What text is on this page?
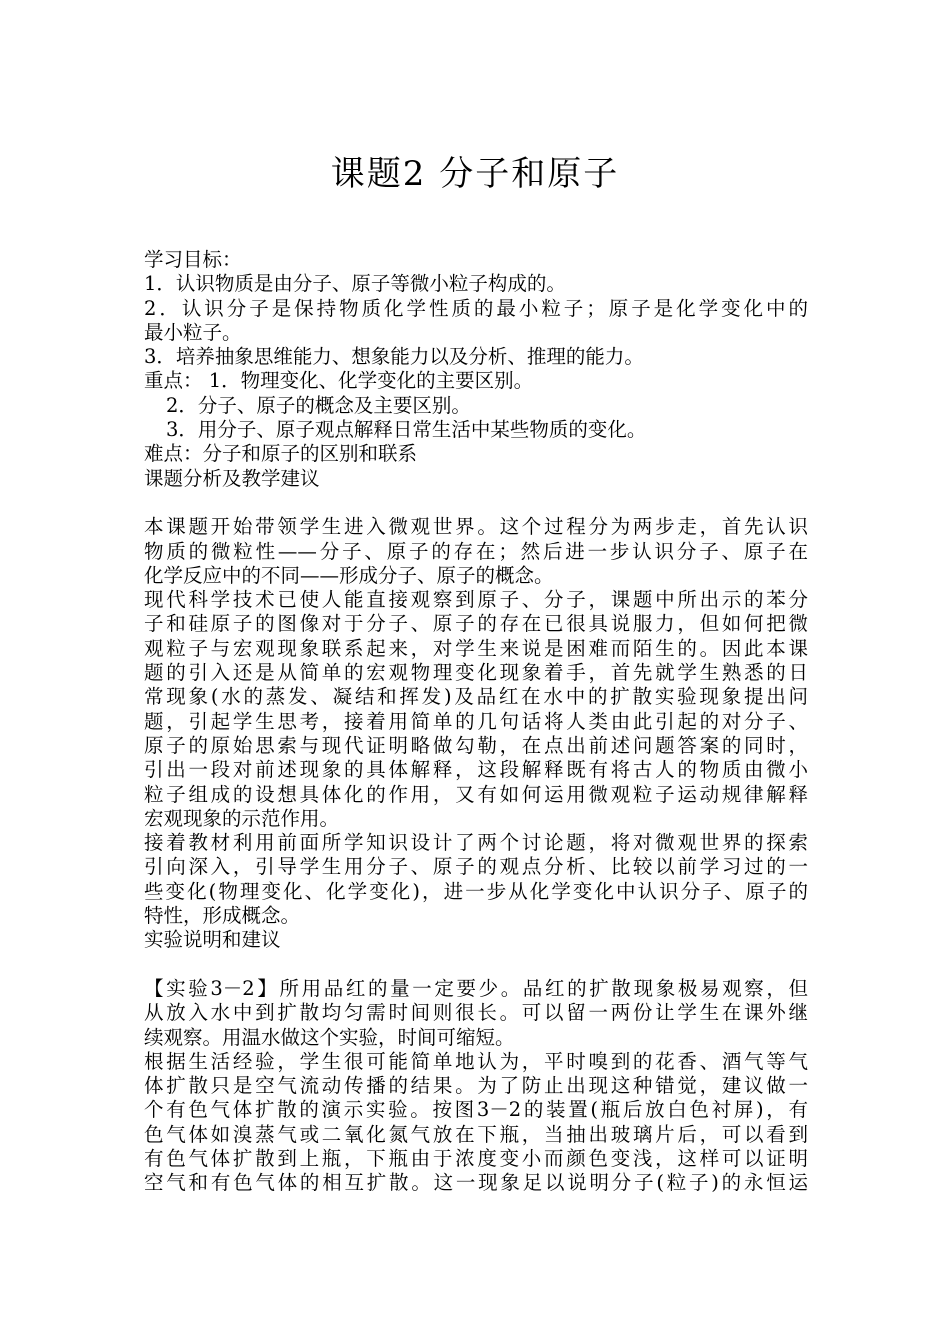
课题2 分子和原子
学习目标：
1．认识物质是由分子、原子等微小粒子构成的。
2．认识分子是保持物质化学性质的最小粒子；原子是化学变化中的
最小粒子。
3．培养抽象思维能力、想象能力以及分析、推理的能力。
重点： 1．物理变化、化学变化的主要区别。
2．分子、原子的概念及主要区别。
3．用分子、原子观点解释日常生活中某些物质的变化。
难点：分子和原子的区别和联系
课题分析及教学建议
本课题开始带领学生进入微观世界。这个过程分为两步走，首先认识
物质的微粒性——分子、原子的存在；然后进一步认识分子、原子在
化学反应中的不同——形成分子、原子的概念。
现代科学技术已使人能直接观察到原子、分子，课题中所出示的苯分
子和硅原子的图像对于分子、原子的存在已很具说服力，但如何把微
观粒子与宏观现象联系起来，对学生来说是困难而陌生的。因此本课
题的引入还是从简单的宏观物理变化现象着手，首先就学生熟悉的日
常现象(水的蒸发、凝结和挥发)及品红在水中的扩散实验现象提出问
题，引起学生思考，接着用简单的几句话将人类由此引起的对分子、
原子的原始思索与现代证明略做勾勒，在点出前述问题答案的同时，
引出一段对前述现象的具体解释，这段解释既有将古人的物质由微小
粒子组成的设想具体化的作用，又有如何运用微观粒子运动规律解释
宏观现象的示范作用。
接着教材利用前面所学知识设计了两个讨论题，将对微观世界的探索
引向深入，引导学生用分子、原子的观点分析、比较以前学习过的一
些变化(物理变化、化学变化)，进一步从化学变化中认识分子、原子的
特性，形成概念。
实验说明和建议
【实验3－2】所用品红的量一定要少。品红的扩散现象极易观察，但
从放入水中到扩散均匀需时间则很长。可以留一两份让学生在课外继
续观察。用温水做这个实验，时间可缩短。
根据生活经验，学生很可能简单地认为，平时嗅到的花香、酒气等气
体扩散只是空气流动传播的结果。为了防止出现这种错觉，建议做一
个有色气体扩散的演示实验。按图3－2的装置(瓶后放白色衬屏)，有
色气体如溴蒸气或二氧化氮气放在下瓶，当抽出玻璃片后，可以看到
有色气体扩散到上瓶，下瓶由于浓度变小而颜色变浅，这样可以证明
空气和有色气体的相互扩散。这一现象足以说明分子(粒子)的永恒运
